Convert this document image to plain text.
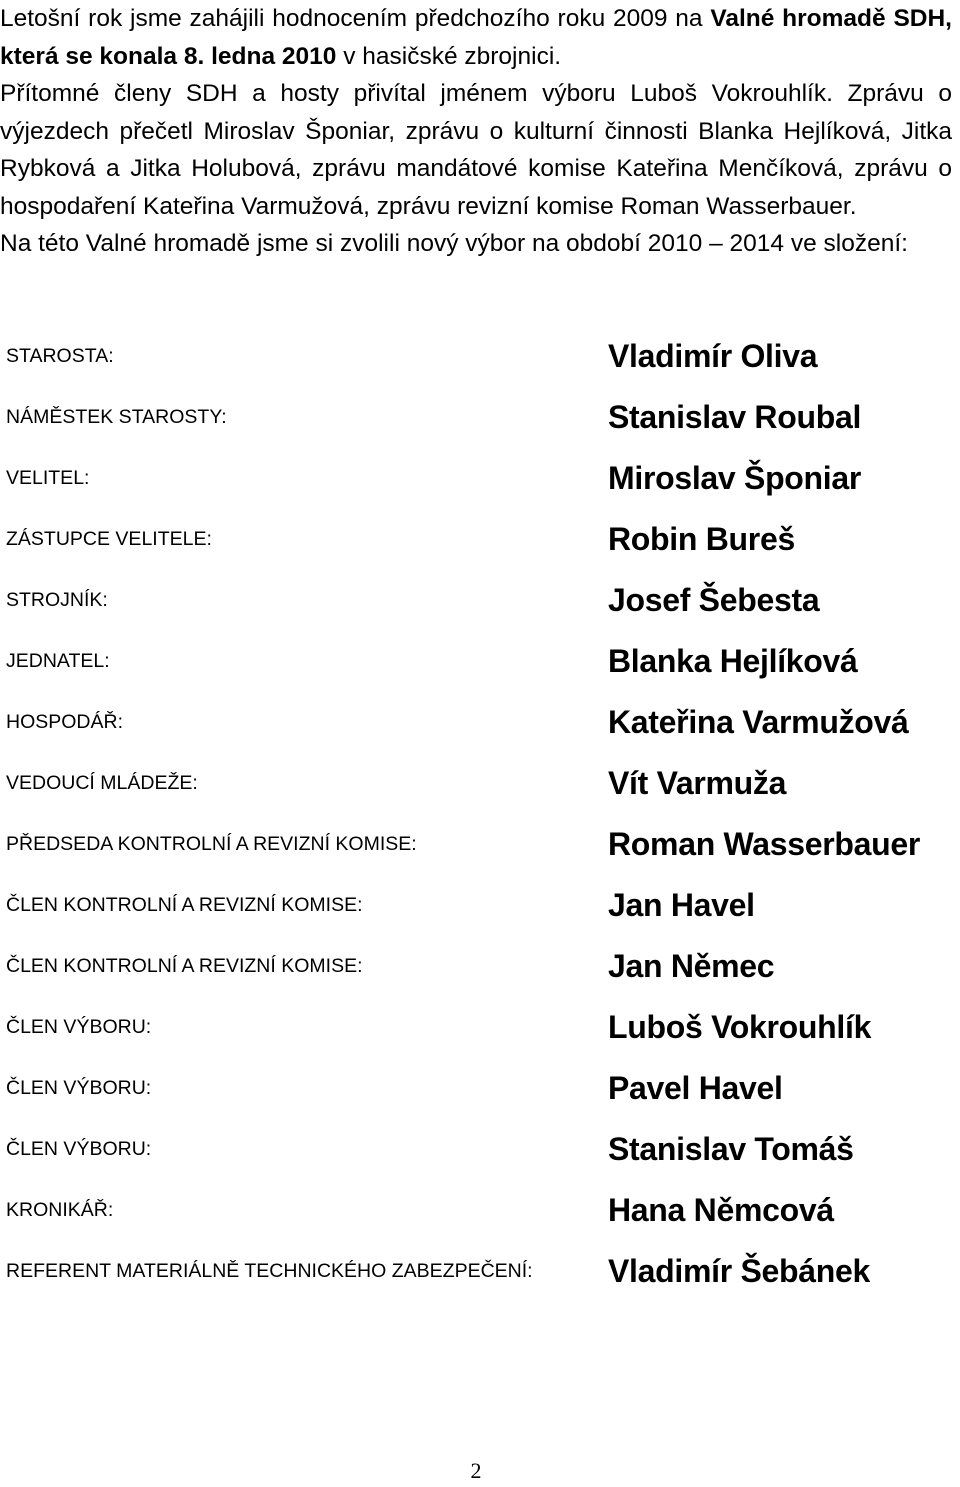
Letošní rok jsme zahájili hodnocením předchozího roku 2009 na Valné hromadě SDH, která se konala 8. ledna 2010 v hasičské zbrojnici.

Přítomné členy SDH a hosty přivítal jménem výboru Luboš Vokrouhlík. Zprávu o výjezdech přečetl Miroslav Šponiar, zprávu o kulturní činnosti Blanka Hejlíková, Jitka Rybková a Jitka Holubová, zprávu mandátové komise Kateřina Menčíková, zprávu o hospodaření Kateřina Varmužová, zprávu revizní komise Roman Wasserbauer.

Na této Valné hromadě jsme si zvolili nový výbor na období 2010 – 2014 ve složení:

STAROSTA:	Vladimír Oliva
NÁMĚSTEK STAROSTY:	Stanislav Roubal
VELITEL:	Miroslav Šponiar
ZÁSTUPCE VELITELE:	Robin Bureš
STROJNÍK:	Josef Šebesta
JEDNATEL:	Blanka Hejlíková
HOSPODÁŘ:	Kateřina Varmužová
VEDOUCÍ MLÁDEŽE:	Vít Varmuža
PŘEDSEDA KONTROLNÍ A REVIZNÍ KOMISE:	Roman Wasserbauer
ČLEN KONTROLNÍ A REVIZNÍ KOMISE:	Jan Havel
ČLEN KONTROLNÍ A REVIZNÍ KOMISE:	Jan Němec
ČLEN VÝBORU:	Luboš Vokrouhlík
ČLEN VÝBORU:	Pavel Havel
ČLEN VÝBORU:	Stanislav Tomáš
KRONIKÁŘ:	Hana Němcová
REFERENT MATERIÁLNĚ TECHNICKÉHO ZABEZPEČENÍ: Vladimír Šebánek
2
